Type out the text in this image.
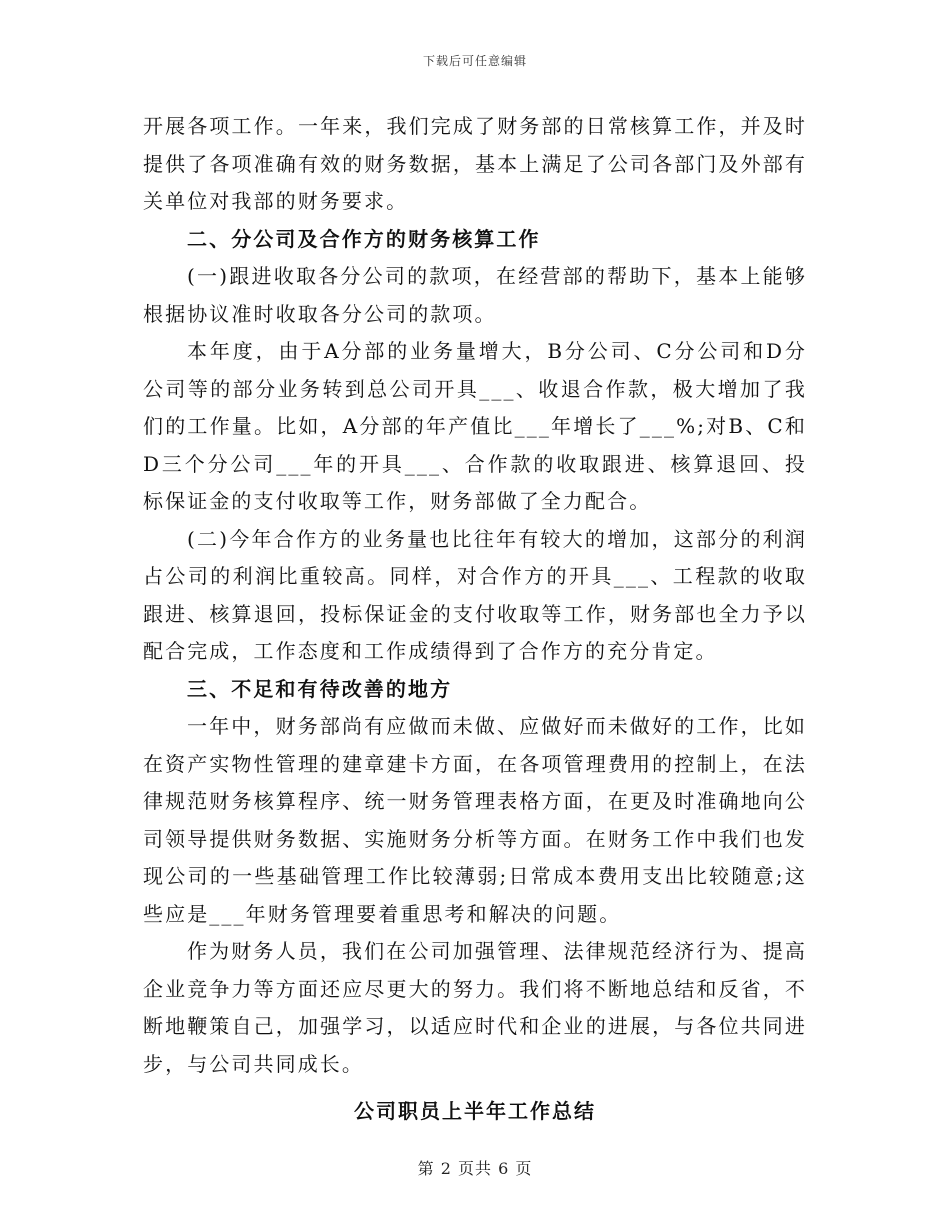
下载后可任意编辑

开展各项工作。一年来，我们完成了财务部的日常核算工作，并及时提供了各项准确有效的财务数据，基本上满足了公司各部门及外部有关单位对我部的财务要求。

二、分公司及合作方的财务核算工作

(一)跟进收取各分公司的款项，在经营部的帮助下，基本上能够根据协议准时收取各分公司的款项。

本年度，由于A分部的业务量增大，B分公司、C分公司和D分公司等的部分业务转到总公司开具___、收退合作款，极大增加了我们的工作量。比如，A分部的年产值比___年增长了___%;对B、C和D三个分公司___年的开具___、合作款的收取跟进、核算退回、投标保证金的支付收取等工作，财务部做了全力配合。

(二)今年合作方的业务量也比往年有较大的增加，这部分的利润占公司的利润比重较高。同样，对合作方的开具___、工程款的收取跟进、核算退回，投标保证金的支付收取等工作，财务部也全力予以配合完成，工作态度和工作成绩得到了合作方的充分肯定。

三、不足和有待改善的地方

一年中，财务部尚有应做而未做、应做好而未做好的工作，比如在资产实物性管理的建章建卡方面，在各项管理费用的控制上，在法律规范财务核算程序、统一财务管理表格方面，在更及时准确地向公司领导提供财务数据、实施财务分析等方面。在财务工作中我们也发现公司的一些基础管理工作比较薄弱;日常成本费用支出比较随意;这些应是___年财务管理要着重思考和解决的问题。

作为财务人员，我们在公司加强管理、法律规范经济行为、提高企业竞争力等方面还应尽更大的努力。我们将不断地总结和反省，不断地鞭策自己，加强学习，以适应时代和企业的进展，与各位共同进步，与公司共同成长。

公司职员上半年工作总结

第 2 页共 6 页
